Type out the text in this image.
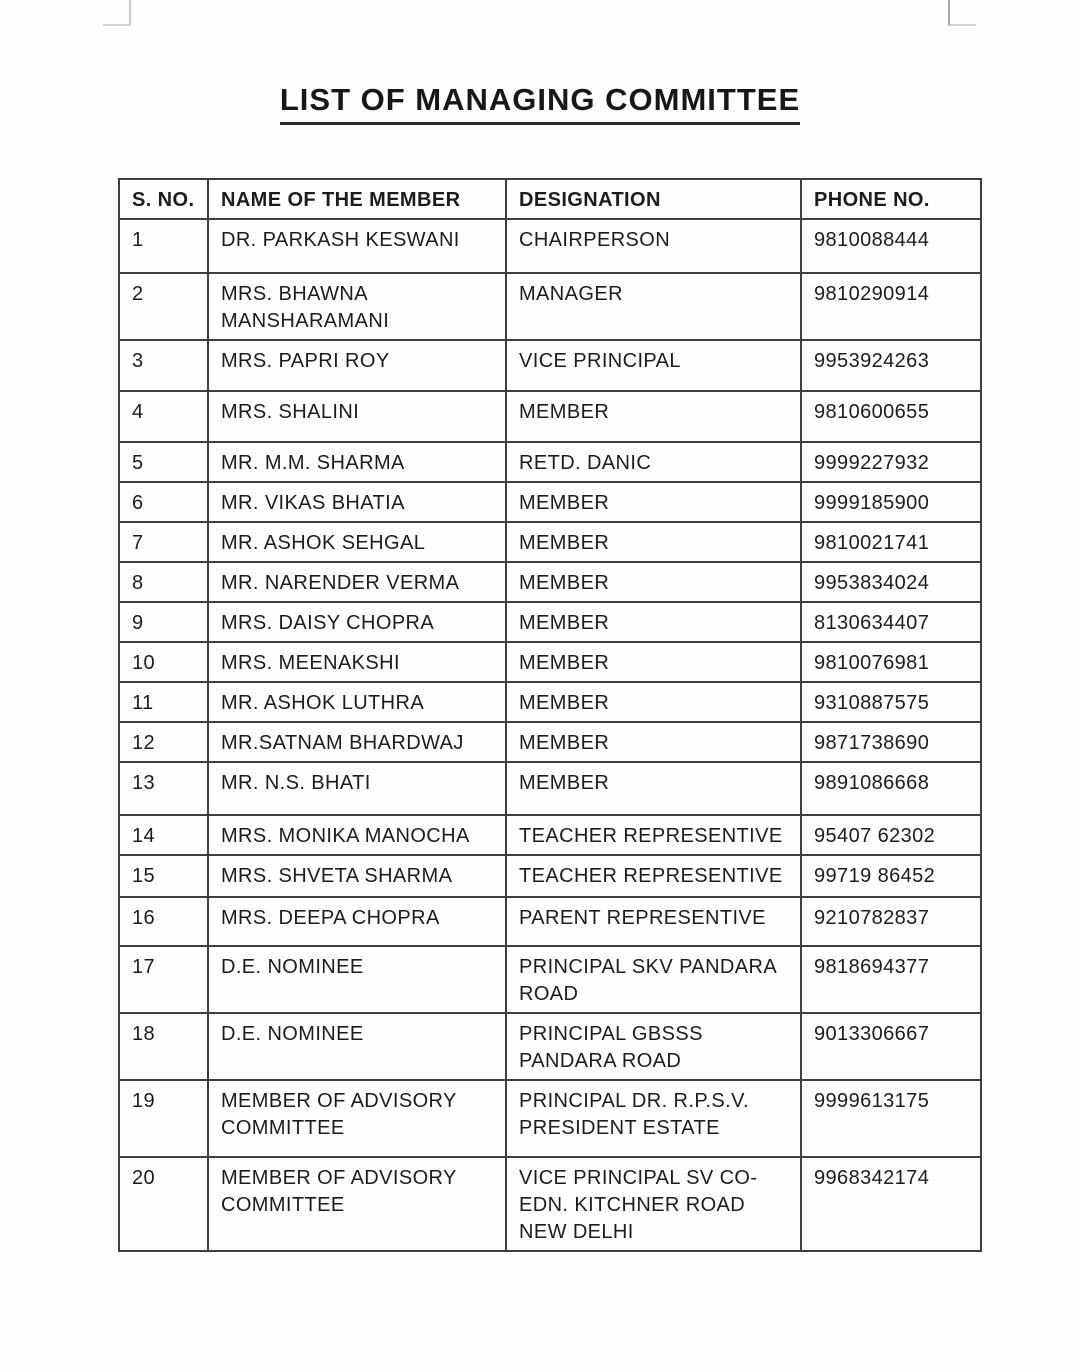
LIST OF MANAGING COMMITTEE
S. NO.	NAME OF THE MEMBER	DESIGNATION	PHONE NO.
1	DR. PARKASH KESWANI	CHAIRPERSON	9810088444
2	MRS. BHAWNA MANSHARAMANI	MANAGER	9810290914
3	MRS. PAPRI ROY	VICE PRINCIPAL	9953924263
4	MRS. SHALINI	MEMBER	9810600655
5	MR. M.M. SHARMA	RETD. DANIC	9999227932
6	MR. VIKAS BHATIA	MEMBER	9999185900
7	MR. ASHOK SEHGAL	MEMBER	9810021741
8	MR. NARENDER VERMA	MEMBER	9953834024
9	MRS. DAISY CHOPRA	MEMBER	8130634407
10	MRS. MEENAKSHI	MEMBER	9810076981
11	MR. ASHOK LUTHRA	MEMBER	9310887575
12	MR.SATNAM BHARDWAJ	MEMBER	9871738690
13	MR. N.S. BHATI	MEMBER	9891086668
14	MRS. MONIKA MANOCHA	TEACHER REPRESENTIVE	95407 62302
15	MRS. SHVETA SHARMA	TEACHER REPRESENTIVE	99719 86452
16	MRS. DEEPA CHOPRA	PARENT REPRESENTIVE	9210782837
17	D.E. NOMINEE	PRINCIPAL SKV PANDARA ROAD	9818694377
18	D.E. NOMINEE	PRINCIPAL GBSSS PANDARA ROAD	9013306667
19	MEMBER OF ADVISORY COMMITTEE	PRINCIPAL DR. R.P.S.V. PRESIDENT ESTATE	9999613175
20	MEMBER OF ADVISORY COMMITTEE	VICE PRINCIPAL SV CO-EDN. KITCHNER ROAD NEW DELHI	9968342174
